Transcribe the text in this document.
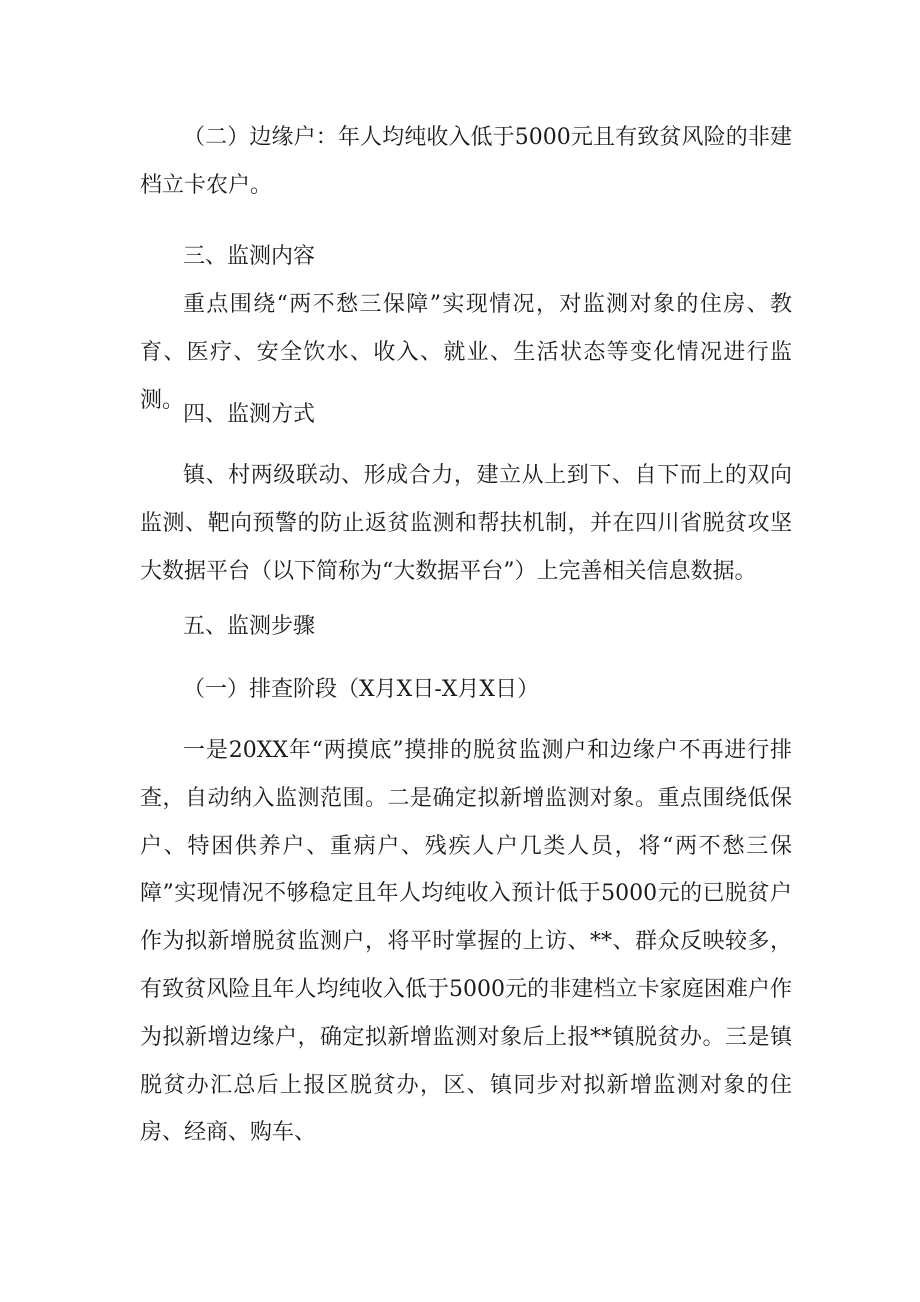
（二）边缘户：年人均纯收入低于5000元且有致贫风险的非建档立卡农户。

三、监测内容

重点围绕“两不愁三保障”实现情况，对监测对象的住房、教育、医疗、安全饮水、收入、就业、生活状态等变化情况进行监测。

四、监测方式

镇、村两级联动、形成合力，建立从上到下、自下而上的双向监测、靶向预警的防止返贫监测和帮扶机制，并在四川省脱贫攻坚大数据平台（以下简称为“大数据平台”）上完善相关信息数据。

五、监测步骤

（一）排查阶段（X月X日-X月X日）

一是20XX年“两摸底”摸排的脱贫监测户和边缘户不再进行排查，自动纳入监测范围。二是确定拟新增监测对象。重点围绕低保户、特困供养户、重病户、残疾人户几类人员，将“两不愁三保障”实现情况不够稳定且年人均纯收入预计低于5000元的已脱贫户作为拟新增脱贫监测户，将平时掌握的上访、**、群众反映较多，有致贫风险且年人均纯收入低于5000元的非建档立卡家庭困难户作为拟新增边缘户，确定拟新增监测对象后上报**镇脱贫办。三是镇脱贫办汇总后上报区脱贫办，区、镇同步对拟新增监测对象的住房、经商、购车、
